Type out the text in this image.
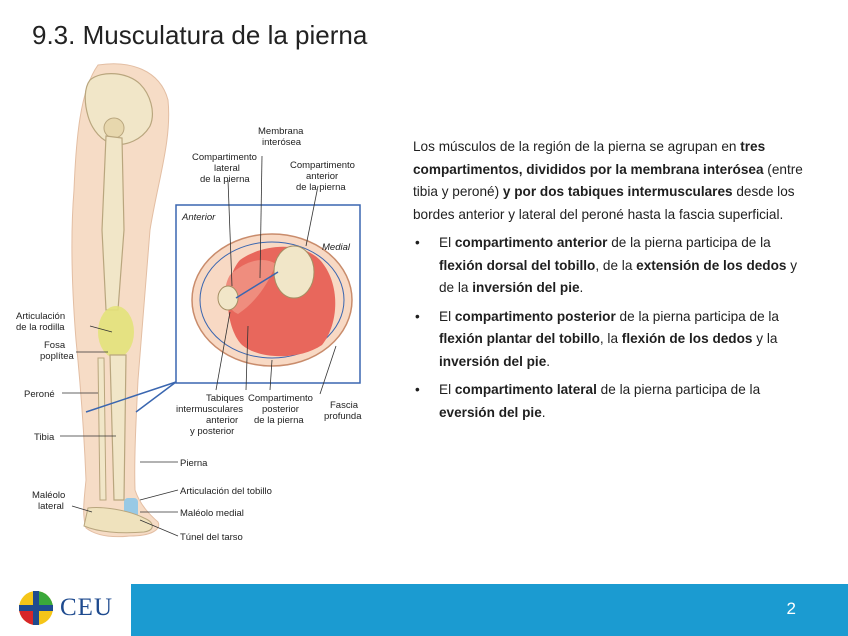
9.3. Musculatura de la pierna
Articulación
de la rodilla
Fosa
poplítea
Peroné
Tibia
Maléolo
lateral
Pierna
Articulación del tobillo
Maléolo medial
Túnel del tarso
Membrana
interósea
Compartimento
lateral
de la pierna
Compartimento
anterior
de la pierna
Anterior
Medial
Tabiques
intermusculares
anterior
y posterior
Compartimento
posterior
de la pierna
Fascia
profunda

Los músculos de la región de la pierna se agrupan en tres compartimentos, divididos por la membrana interósea (entre tibia y peroné) y por dos tabiques intermusculares desde los bordes anterior y lateral del peroné hasta la fascia superficial.

• El compartimento anterior de la pierna participa de la flexión dorsal del tobillo, de la extensión de los dedos y de la inversión del pie.
• El compartimento posterior de la pierna participa de la flexión plantar del tobillo, la flexión de los dedos y la inversión del pie.
• El compartimento lateral de la pierna participa de la eversión del pie.
CEU	2
